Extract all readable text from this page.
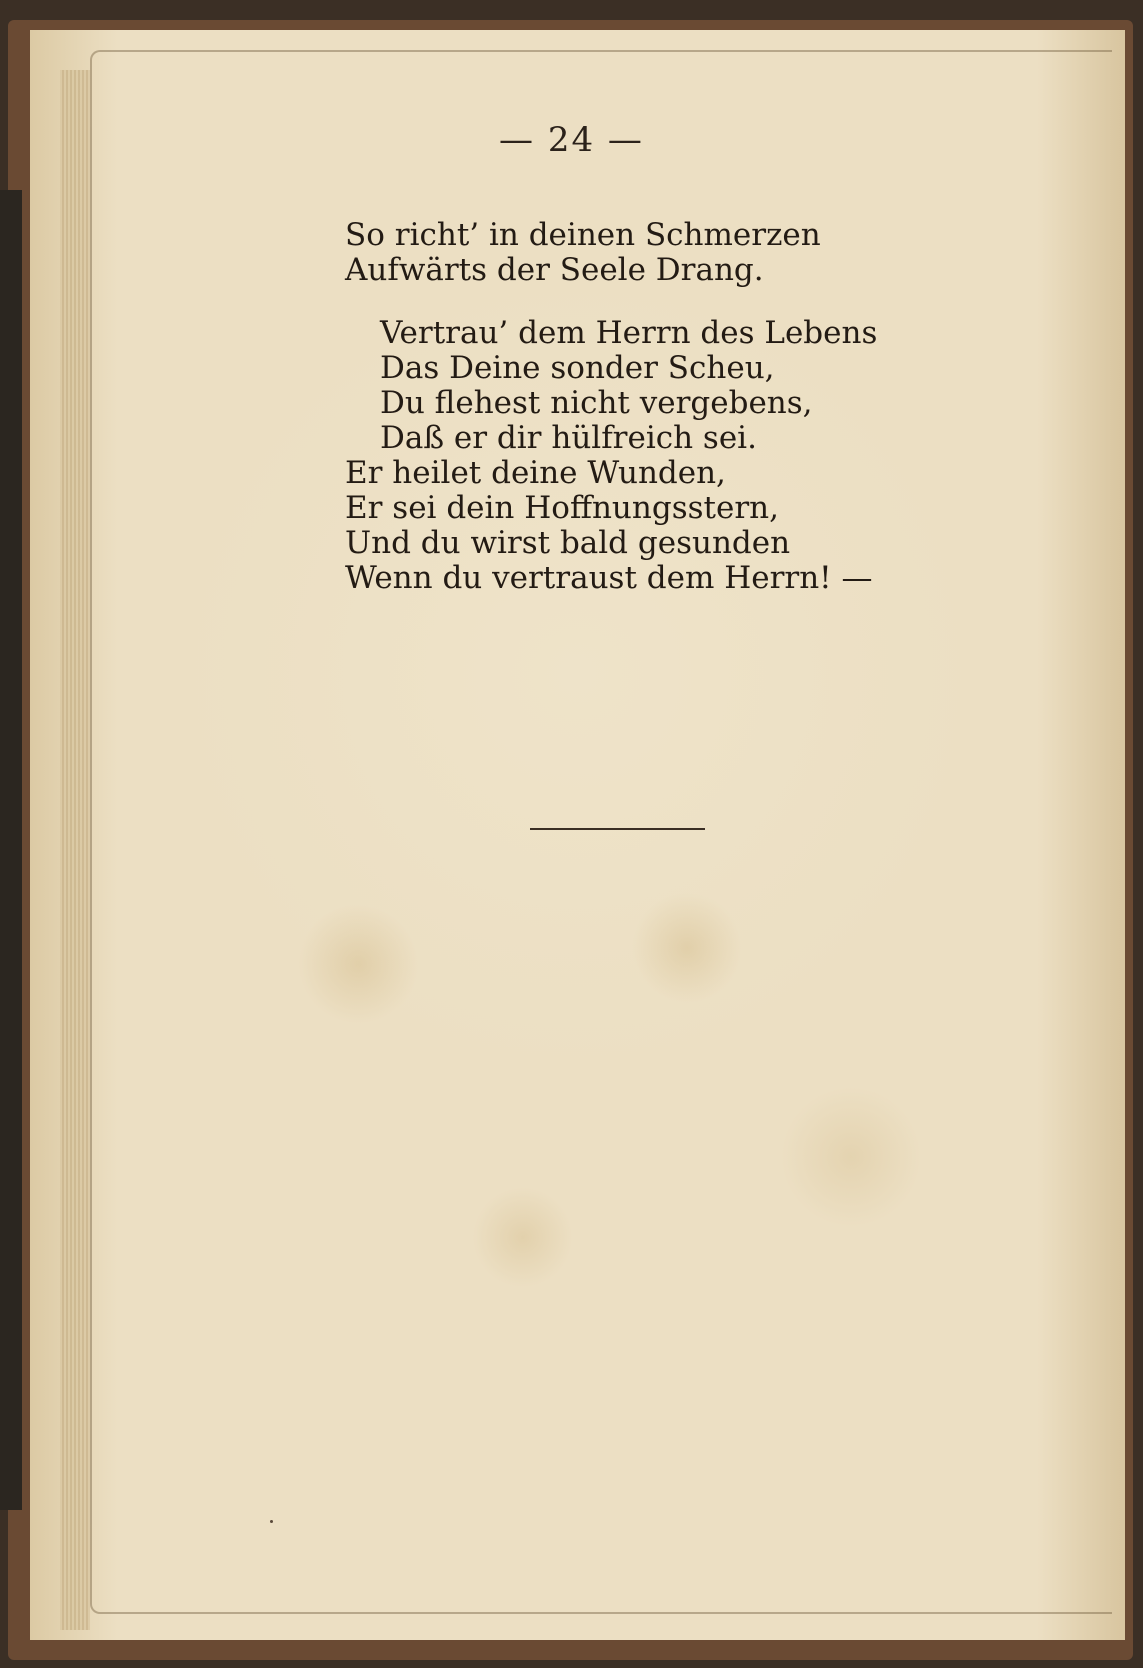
— 24 —
So richt’ in deinen Schmerzen
Aufwärts der Seele Drang.
Vertrau’ dem Herrn des Lebens
Das Deine sonder Scheu,
Du flehest nicht vergebens,
Daß er dir hülfreich sei.
Er heilet deine Wunden,
Er sei dein Hoffnungsstern,
Und du wirst bald gesunden
Wenn du vertraust dem Herrn! —
